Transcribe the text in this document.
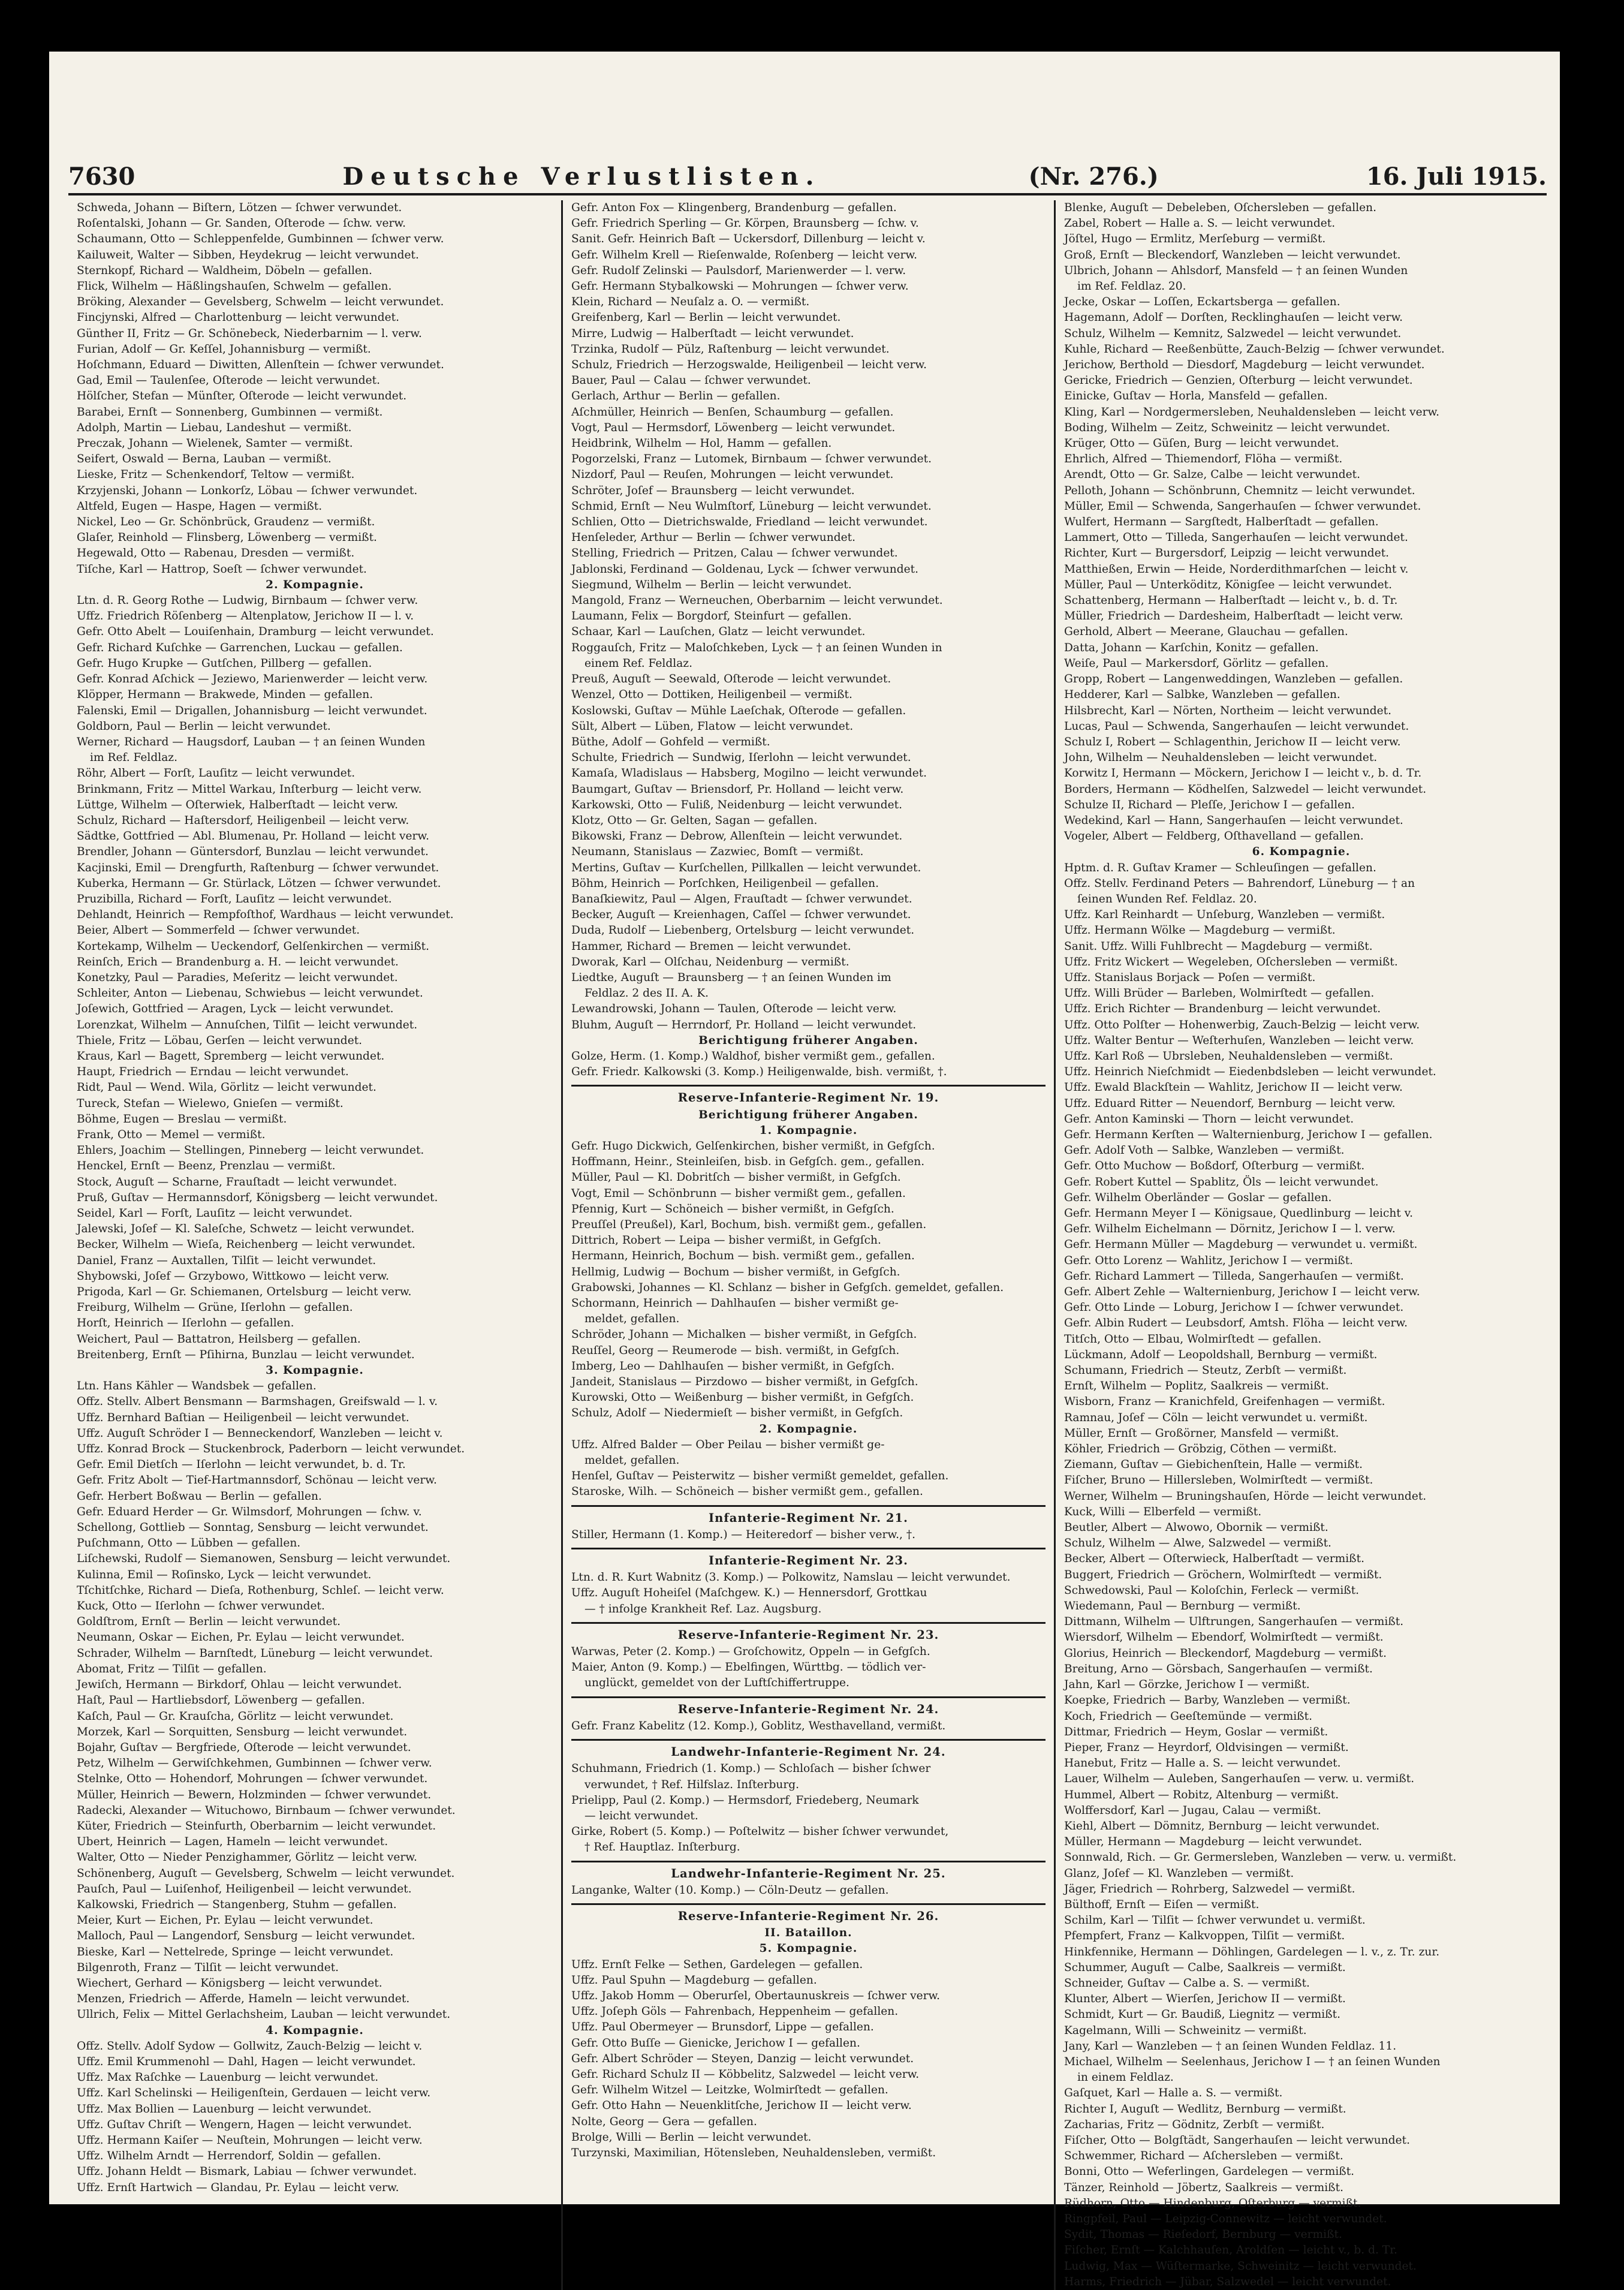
7630	Deutsche Verlustlisten.	(Nr. 276.)	16. Juli 1915.
Schweda, Johann — Biſtern, Lötzen — ſchwer verwundet.
Roſentalski, Johann — Gr. Sanden, Oſterode — ſchw. verw.
Schaumann, Otto — Schleppenfelde, Gumbinnen — ſchwer verw.
Kailuweit, Walter — Sibben, Heydekrug — leicht verwundet.
Sternkopf, Richard — Waldheim, Döbeln — gefallen.
Flick, Wilhelm — Häßlingshauſen, Schwelm — gefallen.
Bröking, Alexander — Gevelsberg, Schwelm — leicht verwundet.
Fincjynski, Alfred — Charlottenburg — leicht verwundet.
Günther II, Fritz — Gr. Schönebeck, Niederbarnim — l. verw.
Furian, Adolf — Gr. Keſſel, Johannisburg — vermißt.
Hoſchmann, Eduard — Diwitten, Allenſtein — ſchwer verwundet.
Gad, Emil — Taulenſee, Oſterode — leicht verwundet.
Hölſcher, Stefan — Münſter, Oſterode — leicht verwundet.
Barabei, Ernſt — Sonnenberg, Gumbinnen — vermißt.
Adolph, Martin — Liebau, Landeshut — vermißt.
Preczak, Johann — Wielenek, Samter — vermißt.
Seifert, Oswald — Berna, Lauban — vermißt.
Lieske, Fritz — Schenkendorf, Teltow — vermißt.
Krzyjenski, Johann — Lonkorſz, Löbau — ſchwer verwundet.
Altfeld, Eugen — Haspe, Hagen — vermißt.
Nickel, Leo — Gr. Schönbrück, Graudenz — vermißt.
Glaſer, Reinhold — Flinsberg, Löwenberg — vermißt.
Hegewald, Otto — Rabenau, Dresden — vermißt.
Tiſche, Karl — Hattrop, Soeſt — ſchwer verwundet.
2. Kompagnie.
Ltn. d. R. Georg Rothe — Ludwig, Birnbaum — ſchwer verw.
Uffz. Friedrich Röſenberg — Altenplatow, Jerichow II — l. v.
Gefr. Otto Abelt — Louiſenhain, Dramburg — leicht verwundet.
Gefr. Richard Kuſchke — Garrenchen, Luckau — gefallen.
Gefr. Hugo Krupke — Gutſchen, Pillberg — gefallen.
Gefr. Konrad Aſchick — Jeziewo, Marienwerder — leicht verw.
Klöpper, Hermann — Brakwede, Minden — gefallen.
Falenski, Emil — Drigallen, Johannisburg — leicht verwundet.
Goldborn, Paul — Berlin — leicht verwundet.
Werner, Richard — Haugsdorf, Lauban — † an ſeinen Wunden
im Ref. Feldlaz.
Röhr, Albert — Forſt, Lauſitz — leicht verwundet.
Brinkmann, Fritz — Mittel Warkau, Inſterburg — leicht verw.
Lüttge, Wilhelm — Oſterwiek, Halberſtadt — leicht verw.
Schulz, Richard — Haſtersdorf, Heiligenbeil — leicht verw.
Sädtke, Gottfried — Abl. Blumenau, Pr. Holland — leicht verw.
Brendler, Johann — Güntersdorf, Bunzlau — leicht verwundet.
Kacjinski, Emil — Drengfurth, Raſtenburg — ſchwer verwundet.
Kuberka, Hermann — Gr. Stürlack, Lötzen — ſchwer verwundet.
Pruzibilla, Richard — Forſt, Lauſitz — leicht verwundet.
Dehlandt, Heinrich — Rempfoſthof, Wardhaus — leicht verwundet.
Beier, Albert — Sommerfeld — ſchwer verwundet.
Kortekamp, Wilhelm — Ueckendorf, Gelſenkirchen — vermißt.
Reinſch, Erich — Brandenburg a. H. — leicht verwundet.
Konetzky, Paul — Paradies, Meſeritz — leicht verwundet.
Schleiter, Anton — Liebenau, Schwiebus — leicht verwundet.
Joſewich, Gottfried — Aragen, Lyck — leicht verwundet.
Lorenzkat, Wilhelm — Annuſchen, Tilſit — leicht verwundet.
Thiele, Fritz — Löbau, Gerſen — leicht verwundet.
Kraus, Karl — Bagett, Spremberg — leicht verwundet.
Haupt, Friedrich — Erndau — leicht verwundet.
Ridt, Paul — Wend. Wila, Görlitz — leicht verwundet.
Tureck, Stefan — Wielewo, Gnieſen — vermißt.
Böhme, Eugen — Breslau — vermißt.
Frank, Otto — Memel — vermißt.
Ehlers, Joachim — Stellingen, Pinneberg — leicht verwundet.
Henckel, Ernſt — Beenz, Prenzlau — vermißt.
Stock, Auguſt — Scharne, Frauſtadt — leicht verwundet.
Pruß, Guſtav — Hermannsdorf, Königsberg — leicht verwundet.
Seidel, Karl — Forſt, Lauſitz — leicht verwundet.
Jalewski, Joſef — Kl. Saleſche, Schwetz — leicht verwundet.
Becker, Wilhelm — Wieſa, Reichenberg — leicht verwundet.
Daniel, Franz — Auxtallen, Tilſit — leicht verwundet.
Shybowski, Joſef — Grzybowo, Wittkowo — leicht verw.
Prigoda, Karl — Gr. Schiemanen, Ortelsburg — leicht verw.
Freiburg, Wilhelm — Grüne, Iſerlohn — gefallen.
Horſt, Heinrich — Iſerlohn — gefallen.
Weichert, Paul — Battatron, Heilsberg — gefallen.
Breitenberg, Ernſt — Pſihirna, Bunzlau — leicht verwundet.
3. Kompagnie.
Ltn. Hans Kähler — Wandsbek — gefallen.
Offz. Stellv. Albert Bensmann — Barmshagen, Greifswald — l. v.
Uffz. Bernhard Baſtian — Heiligenbeil — leicht verwundet.
Uffz. Auguſt Schröder I — Benneckendorf, Wanzleben — leicht v.
Uffz. Konrad Brock — Stuckenbrock, Paderborn — leicht verwundet.
Gefr. Emil Dietſch — Iſerlohn — leicht verwundet, b. d. Tr.
Gefr. Fritz Abolt — Tief-Hartmannsdorf, Schönau — leicht verw.
Gefr. Herbert Boßwau — Berlin — gefallen.
Gefr. Eduard Herder — Gr. Wilmsdorf, Mohrungen — ſchw. v.
Schellong, Gottlieb — Sonntag, Sensburg — leicht verwundet.
Puſchmann, Otto — Lübben — gefallen.
Liſchewski, Rudolf — Siemanowen, Sensburg — leicht verwundet.
Kulinna, Emil — Roſinsko, Lyck — leicht verwundet.
Tſchitſchke, Richard — Dieſa, Rothenburg, Schleſ. — leicht verw.
Kuck, Otto — Iſerlohn — ſchwer verwundet.
Goldſtrom, Ernſt — Berlin — leicht verwundet.
Neumann, Oskar — Eichen, Pr. Eylau — leicht verwundet.
Schrader, Wilhelm — Barnſtedt, Lüneburg — leicht verwundet.
Abomat, Fritz — Tilſit — gefallen.
Jewiſch, Hermann — Birkdorf, Ohlau — leicht verwundet.
Haſt, Paul — Hartliebsdorf, Löwenberg — gefallen.
Kaſch, Paul — Gr. Krauſcha, Görlitz — leicht verwundet.
Morzek, Karl — Sorquitten, Sensburg — leicht verwundet.
Bojahr, Guſtav — Bergfriede, Oſterode — leicht verwundet.
Petz, Wilhelm — Gerwiſchkehmen, Gumbinnen — ſchwer verw.
Stelnke, Otto — Hohendorf, Mohrungen — ſchwer verwundet.
Müller, Heinrich — Bewern, Holzminden — ſchwer verwundet.
Radecki, Alexander — Wituchowo, Birnbaum — ſchwer verwundet.
Küter, Friedrich — Steinfurth, Oberbarnim — leicht verwundet.
Ubert, Heinrich — Lagen, Hameln — leicht verwundet.
Walter, Otto — Nieder Penzighammer, Görlitz — leicht verw.
Schönenberg, Auguſt — Gevelsberg, Schwelm — leicht verwundet.
Pauſch, Paul — Luiſenhof, Heiligenbeil — leicht verwundet.
Kalkowski, Friedrich — Stangenberg, Stuhm — gefallen.
Meier, Kurt — Eichen, Pr. Eylau — leicht verwundet.
Malloch, Paul — Langendorf, Sensburg — leicht verwundet.
Bieske, Karl — Nettelrede, Springe — leicht verwundet.
Bilgenroth, Franz — Tilſit — leicht verwundet.
Wiechert, Gerhard — Königsberg — leicht verwundet.
Menzen, Friedrich — Afferde, Hameln — leicht verwundet.
Ullrich, Felix — Mittel Gerlachsheim, Lauban — leicht verwundet.
4. Kompagnie.
Offz. Stellv. Adolf Sydow — Gollwitz, Zauch-Belzig — leicht v.
Uffz. Emil Krummenohl — Dahl, Hagen — leicht verwundet.
Uffz. Max Raſchke — Lauenburg — leicht verwundet.
Uffz. Karl Schelinski — Heiligenſtein, Gerdauen — leicht verw.
Uffz. Max Bollien — Lauenburg — leicht verwundet.
Uffz. Guſtav Chriſt — Wengern, Hagen — leicht verwundet.
Uffz. Hermann Kaiſer — Neuſtein, Mohrungen — leicht verw.
Uffz. Wilhelm Arndt — Herrendorf, Soldin — gefallen.
Uffz. Johann Heldt — Bismark, Labiau — ſchwer verwundet.
Uffz. Ernſt Hartwich — Glandau, Pr. Eylau — leicht verw.
Gefr. Anton Fox — Klingenberg, Brandenburg — gefallen.
Gefr. Friedrich Sperling — Gr. Körpen, Braunsberg — ſchw. v.
Sanit. Gefr. Heinrich Baſt — Uckersdorf, Dillenburg — leicht v.
Gefr. Wilhelm Krell — Rieſenwalde, Roſenberg — leicht verw.
Gefr. Rudolf Zelinski — Paulsdorf, Marienwerder — l. verw.
Gefr. Hermann Stybalkowski — Mohrungen — ſchwer verw.
Klein, Richard — Neuſalz a. O. — vermißt.
Greifenberg, Karl — Berlin — leicht verwundet.
Mirre, Ludwig — Halberſtadt — leicht verwundet.
Trzinka, Rudolf — Pülz, Raſtenburg — leicht verwundet.
Schulz, Friedrich — Herzogswalde, Heiligenbeil — leicht verw.
Bauer, Paul — Calau — ſchwer verwundet.
Gerlach, Arthur — Berlin — gefallen.
Aſchmüller, Heinrich — Benſen, Schaumburg — gefallen.
Vogt, Paul — Hermsdorf, Löwenberg — leicht verwundet.
Heidbrink, Wilhelm — Hol, Hamm — gefallen.
Pogorzelski, Franz — Lutomek, Birnbaum — ſchwer verwundet.
Nizdorf, Paul — Reuſen, Mohrungen — leicht verwundet.
Schröter, Joſef — Braunsberg — leicht verwundet.
Schmid, Ernſt — Neu Wulmſtorf, Lüneburg — leicht verwundet.
Schlien, Otto — Dietrichswalde, Friedland — leicht verwundet.
Henſeleder, Arthur — Berlin — ſchwer verwundet.
Stelling, Friedrich — Pritzen, Calau — ſchwer verwundet.
Jablonski, Ferdinand — Goldenau, Lyck — ſchwer verwundet.
Siegmund, Wilhelm — Berlin — leicht verwundet.
Mangold, Franz — Werneuchen, Oberbarnim — leicht verwundet.
Laumann, Felix — Borgdorf, Steinfurt — gefallen.
Schaar, Karl — Lauſchen, Glatz — leicht verwundet.
Roggauſch, Fritz — Maloſchkeben, Lyck — † an ſeinen Wunden in
einem Ref. Feldlaz.
Preuß, Auguſt — Seewald, Oſterode — leicht verwundet.
Wenzel, Otto — Dottiken, Heiligenbeil — vermißt.
Koslowski, Guſtav — Mühle Laeſchak, Oſterode — gefallen.
Sült, Albert — Lüben, Flatow — leicht verwundet.
Büthe, Adolf — Gohfeld — vermißt.
Schulte, Friedrich — Sundwig, Iſerlohn — leicht verwundet.
Kamaſa, Wladislaus — Habsberg, Mogilno — leicht verwundet.
Baumgart, Guſtav — Briensdorf, Pr. Holland — leicht verw.
Karkowski, Otto — Fuliß, Neidenburg — leicht verwundet.
Klotz, Otto — Gr. Gelten, Sagan — gefallen.
Bikowski, Franz — Debrow, Allenſtein — leicht verwundet.
Neumann, Stanislaus — Zazwiec, Bomſt — vermißt.
Mertins, Guſtav — Kurſchellen, Pillkallen — leicht verwundet.
Böhm, Heinrich — Porſchken, Heiligenbeil — gefallen.
Banaſkiewitz, Paul — Algen, Frauſtadt — ſchwer verwundet.
Becker, Auguſt — Kreienhagen, Caſſel — ſchwer verwundet.
Duda, Rudolf — Liebenberg, Ortelsburg — leicht verwundet.
Hammer, Richard — Bremen — leicht verwundet.
Dworak, Karl — Olſchau, Neidenburg — vermißt.
Liedtke, Auguſt — Braunsberg — † an ſeinen Wunden im
Feldlaz. 2 des II. A. K.
Lewandrowski, Johann — Taulen, Oſterode — leicht verw.
Bluhm, Auguſt — Herrndorf, Pr. Holland — leicht verwundet.
Berichtigung früherer Angaben.
Golze, Herm. (1. Komp.) Waldhof, bisher vermißt gem., gefallen.
Gefr. Friedr. Kalkowski (3. Komp.) Heiligenwalde, bish. vermißt, †.
Reserve-Infanterie-Regiment Nr. 19.
Berichtigung früherer Angaben.
1. Kompagnie.
Gefr. Hugo Dickwich, Gelſenkirchen, bisher vermißt, in Gefgſch.
Hoffmann, Heinr., Steinleiſen, bisb. in Gefgſch. gem., gefallen.
Müller, Paul — Kl. Dobritſch — bisher vermißt, in Gefgſch.
Vogt, Emil — Schönbrunn — bisher vermißt gem., gefallen.
Pfennig, Kurt — Schöneich — bisher vermißt, in Gefgſch.
Preuſſel (Preußel), Karl, Bochum, bish. vermißt gem., gefallen.
Dittrich, Robert — Leipa — bisher vermißt, in Gefgſch.
Hermann, Heinrich, Bochum — bish. vermißt gem., gefallen.
Hellmig, Ludwig — Bochum — bisher vermißt, in Gefgſch.
Grabowski, Johannes — Kl. Schlanz — bisher in Gefgſch. gemeldet, gefallen.
Schormann, Heinrich — Dahlhauſen — bisher vermißt ge-
meldet, gefallen.
Schröder, Johann — Michalken — bisher vermißt, in Gefgſch.
Reuſſel, Georg — Reumerode — bish. vermißt, in Gefgſch.
Imberg, Leo — Dahlhauſen — bisher vermißt, in Gefgſch.
Jandeit, Stanislaus — Pirzdowo — bisher vermißt, in Gefgſch.
Kurowski, Otto — Weißenburg — bisher vermißt, in Gefgſch.
Schulz, Adolf — Niedermieſt — bisher vermißt, in Gefgſch.
2. Kompagnie.
Uffz. Alfred Balder — Ober Peilau — bisher vermißt ge-
meldet, gefallen.
Henſel, Guſtav — Peisterwitz — bisher vermißt gemeldet, gefallen.
Staroske, Wilh. — Schöneich — bisher vermißt gem., gefallen.
Infanterie-Regiment Nr. 21.
Stiller, Hermann (1. Komp.) — Heiteredorf — bisher verw., †.
Infanterie-Regiment Nr. 23.
Ltn. d. R. Kurt Wabnitz (3. Komp.) — Polkowitz, Namslau — leicht verwundet.
Uffz. Auguſt Hoheiſel (Maſchgew. K.) — Hennersdorf, Grottkau
— † infolge Krankheit Ref. Laz. Augsburg.
Reserve-Infanterie-Regiment Nr. 23.
Warwas, Peter (2. Komp.) — Groſchowitz, Oppeln — in Gefgſch.
Maier, Anton (9. Komp.) — Ebelfingen, Württbg. — tödlich ver-
unglückt, gemeldet von der Luftſchiffertruppe.
Reserve-Infanterie-Regiment Nr. 24.
Gefr. Franz Kabelitz (12. Komp.), Goblitz, Westhavelland, vermißt.
Landwehr-Infanterie-Regiment Nr. 24.
Schuhmann, Friedrich (1. Komp.) — Schloſach — bisher ſchwer
verwundet, † Ref. Hilfslaz. Inſterburg.
Prielipp, Paul (2. Komp.) — Hermsdorf, Friedeberg, Neumark
— leicht verwundet.
Girke, Robert (5. Komp.) — Poſtelwitz — bisher ſchwer verwundet,
† Ref. Hauptlaz. Inſterburg.
Landwehr-Infanterie-Regiment Nr. 25.
Langanke, Walter (10. Komp.) — Cöln-Deutz — gefallen.
Reserve-Infanterie-Regiment Nr. 26.
II. Bataillon.
5. Kompagnie.
Uffz. Ernſt Felke — Sethen, Gardelegen — gefallen.
Uffz. Paul Spuhn — Magdeburg — gefallen.
Uffz. Jakob Homm — Oberurſel, Obertaunuskreis — ſchwer verw.
Uffz. Joſeph Göls — Fahrenbach, Heppenheim — gefallen.
Uffz. Paul Obermeyer — Brunsdorf, Lippe — gefallen.
Gefr. Otto Buſſe — Gienicke, Jerichow I — gefallen.
Gefr. Albert Schröder — Steyen, Danzig — leicht verwundet.
Gefr. Richard Schulz II — Köbbelitz, Salzwedel — leicht verw.
Gefr. Wilhelm Witzel — Leitzke, Wolmirſtedt — gefallen.
Gefr. Otto Hahn — Neuenklitſche, Jerichow II — leicht verw.
Nolte, Georg — Gera — gefallen.
Brolge, Willi — Berlin — leicht verwundet.
Turzynski, Maximilian, Hötensleben, Neuhaldensleben, vermißt.
Blenke, Auguſt — Debeleben, Oſchersleben — gefallen.
Zabel, Robert — Halle a. S. — leicht verwundet.
Jöſtel, Hugo — Ermlitz, Merſeburg — vermißt.
Groß, Ernſt — Bleckendorf, Wanzleben — leicht verwundet.
Ulbrich, Johann — Ahlsdorf, Mansfeld — † an ſeinen Wunden
im Ref. Feldlaz. 20.
Jecke, Oskar — Loſſen, Eckartsberga — gefallen.
Hagemann, Adolf — Dorſten, Recklinghauſen — leicht verw.
Schulz, Wilhelm — Kemnitz, Salzwedel — leicht verwundet.
Kuhle, Richard — Reeßenbütte, Zauch-Belzig — ſchwer verwundet.
Jerichow, Berthold — Diesdorf, Magdeburg — leicht verwundet.
Gericke, Friedrich — Genzien, Oſterburg — leicht verwundet.
Einicke, Guſtav — Horla, Mansfeld — gefallen.
Kling, Karl — Nordgermersleben, Neuhaldensleben — leicht verw.
Boding, Wilhelm — Zeitz, Schweinitz — leicht verwundet.
Krüger, Otto — Güſen, Burg — leicht verwundet.
Ehrlich, Alfred — Thiemendorf, Flöha — vermißt.
Arendt, Otto — Gr. Salze, Calbe — leicht verwundet.
Pelloth, Johann — Schönbrunn, Chemnitz — leicht verwundet.
Müller, Emil — Schwenda, Sangerhauſen — ſchwer verwundet.
Wulfert, Hermann — Sargſtedt, Halberſtadt — gefallen.
Lammert, Otto — Tilleda, Sangerhauſen — leicht verwundet.
Richter, Kurt — Burgersdorf, Leipzig — leicht verwundet.
Matthießen, Erwin — Heide, Norderdithmarſchen — leicht v.
Müller, Paul — Unterköditz, Königſee — leicht verwundet.
Schattenberg, Hermann — Halberſtadt — leicht v., b. d. Tr.
Müller, Friedrich — Dardesheim, Halberſtadt — leicht verw.
Gerhold, Albert — Meerane, Glauchau — gefallen.
Datta, Johann — Karſchin, Konitz — gefallen.
Weiſe, Paul — Markersdorf, Görlitz — gefallen.
Gropp, Robert — Langenweddingen, Wanzleben — gefallen.
Hedderer, Karl — Salbke, Wanzleben — gefallen.
Hilsbrecht, Karl — Nörten, Northeim — leicht verwundet.
Lucas, Paul — Schwenda, Sangerhauſen — leicht verwundet.
Schulz I, Robert — Schlagenthin, Jerichow II — leicht verw.
John, Wilhelm — Neuhaldensleben — leicht verwundet.
Korwitz I, Hermann — Möckern, Jerichow I — leicht v., b. d. Tr.
Borders, Hermann — Ködhelſen, Salzwedel — leicht verwundet.
Schulze II, Richard — Pleſſe, Jerichow I — gefallen.
Wedekind, Karl — Hann, Sangerhauſen — leicht verwundet.
Vogeler, Albert — Feldberg, Oſthavelland — gefallen.
6. Kompagnie.
Hptm. d. R. Guſtav Kramer — Schleuſingen — gefallen.
Offz. Stellv. Ferdinand Peters — Bahrendorf, Lüneburg — † an
ſeinen Wunden Ref. Feldlaz. 20.
Uffz. Karl Reinhardt — Unſeburg, Wanzleben — vermißt.
Uffz. Hermann Wölke — Magdeburg — vermißt.
Sanit. Uffz. Willi Fuhlbrecht — Magdeburg — vermißt.
Uffz. Fritz Wickert — Wegeleben, Oſchersleben — vermißt.
Uffz. Stanislaus Borjack — Poſen — vermißt.
Uffz. Willi Brüder — Barleben, Wolmirſtedt — gefallen.
Uffz. Erich Richter — Brandenburg — leicht verwundet.
Uffz. Otto Polſter — Hohenwerbig, Zauch-Belzig — leicht verw.
Uffz. Walter Bentur — Weſterhuſen, Wanzleben — leicht verw.
Uffz. Karl Roß — Ubrsleben, Neuhaldensleben — vermißt.
Uffz. Heinrich Nieſchmidt — Eiedenbdsleben — leicht verwundet.
Uffz. Ewald Blackſtein — Wahlitz, Jerichow II — leicht verw.
Uffz. Eduard Ritter — Neuendorf, Bernburg — leicht verw.
Gefr. Anton Kaminski — Thorn — leicht verwundet.
Gefr. Hermann Kerſten — Walternienburg, Jerichow I — gefallen.
Gefr. Adolf Voth — Salbke, Wanzleben — vermißt.
Gefr. Otto Muchow — Boßdorf, Oſterburg — vermißt.
Gefr. Robert Kuttel — Spablitz, Öls — leicht verwundet.
Gefr. Wilhelm Oberländer — Goslar — gefallen.
Gefr. Hermann Meyer I — Königsaue, Quedlinburg — leicht v.
Gefr. Wilhelm Eichelmann — Dörnitz, Jerichow I — l. verw.
Gefr. Hermann Müller — Magdeburg — verwundet u. vermißt.
Gefr. Otto Lorenz — Wahlitz, Jerichow I — vermißt.
Gefr. Richard Lammert — Tilleda, Sangerhauſen — vermißt.
Gefr. Albert Zehle — Walternienburg, Jerichow I — leicht verw.
Gefr. Otto Linde — Loburg, Jerichow I — ſchwer verwundet.
Gefr. Albin Rudert — Leubsdorf, Amtsh. Flöha — leicht verw.
Titſch, Otto — Elbau, Wolmirſtedt — gefallen.
Lückmann, Adolf — Leopoldshall, Bernburg — vermißt.
Schumann, Friedrich — Steutz, Zerbſt — vermißt.
Ernſt, Wilhelm — Poplitz, Saalkreis — vermißt.
Wisborn, Franz — Kranichfeld, Greifenhagen — vermißt.
Ramnau, Joſef — Cöln — leicht verwundet u. vermißt.
Müller, Ernſt — Großörner, Mansfeld — vermißt.
Köhler, Friedrich — Gröbzig, Cöthen — vermißt.
Ziemann, Guſtav — Giebichenſtein, Halle — vermißt.
Fiſcher, Bruno — Hillersleben, Wolmirſtedt — vermißt.
Werner, Wilhelm — Bruningshauſen, Hörde — leicht verwundet.
Kuck, Willi — Elberfeld — vermißt.
Beutler, Albert — Alwowo, Obornik — vermißt.
Schulz, Wilhelm — Alwe, Salzwedel — vermißt.
Becker, Albert — Oſterwieck, Halberſtadt — vermißt.
Buggert, Friedrich — Gröchern, Wolmirſtedt — vermißt.
Schwedowski, Paul — Koloſchin, Ferleck — vermißt.
Wiedemann, Paul — Bernburg — vermißt.
Dittmann, Wilhelm — Ulftrungen, Sangerhauſen — vermißt.
Wiersdorf, Wilhelm — Ebendorf, Wolmirſtedt — vermißt.
Glorius, Heinrich — Bleckendorf, Magdeburg — vermißt.
Breitung, Arno — Görsbach, Sangerhauſen — vermißt.
Jahn, Karl — Görzke, Jerichow I — vermißt.
Koepke, Friedrich — Barby, Wanzleben — vermißt.
Koch, Friedrich — Geeſtemünde — vermißt.
Dittmar, Friedrich — Heym, Goslar — vermißt.
Pieper, Franz — Heyrdorf, Oldvisingen — vermißt.
Hanebut, Fritz — Halle a. S. — leicht verwundet.
Lauer, Wilhelm — Auleben, Sangerhauſen — verw. u. vermißt.
Hummel, Albert — Robitz, Altenburg — vermißt.
Wolffersdorf, Karl — Jugau, Calau — vermißt.
Kiehl, Albert — Dömnitz, Bernburg — leicht verwundet.
Müller, Hermann — Magdeburg — leicht verwundet.
Sonnwald, Rich. — Gr. Germersleben, Wanzleben — verw. u. vermißt.
Glanz, Joſef — Kl. Wanzleben — vermißt.
Jäger, Friedrich — Rohrberg, Salzwedel — vermißt.
Bülthoff, Ernſt — Eiſen — vermißt.
Schilm, Karl — Tilſit — ſchwer verwundet u. vermißt.
Pfempfert, Franz — Kalkvoppen, Tilſit — vermißt.
Hinkfennike, Hermann — Döhlingen, Gardelegen — l. v., z. Tr. zur.
Schummer, Auguſt — Calbe, Saalkreis — vermißt.
Schneider, Guſtav — Calbe a. S. — vermißt.
Klunter, Albert — Wierſen, Jerichow II — vermißt.
Schmidt, Kurt — Gr. Baudiß, Liegnitz — vermißt.
Kagelmann, Willi — Schweinitz — vermißt.
Jany, Karl — Wanzleben — † an ſeinen Wunden Feldlaz. 11.
Michael, Wilhelm — Seelenhaus, Jerichow I — † an ſeinen Wunden
in einem Feldlaz.
Gaſquet, Karl — Halle a. S. — vermißt.
Richter I, Auguſt — Wedlitz, Bernburg — vermißt.
Zacharias, Fritz — Gödnitz, Zerbſt — vermißt.
Fiſcher, Otto — Bolgſtädt, Sangerhauſen — leicht verwundet.
Schwemmer, Richard — Aſchersleben — vermißt.
Bonni, Otto — Weferlingen, Gardelegen — vermißt.
Tänzer, Reinhold — Jöbertz, Saalkreis — vermißt.
Rüdhorn, Otto — Hindenburg, Oſterburg — vermißt.
Ringpfeil, Paul — Leipzig-Connewitz — leicht verwundet.
Sydit, Thomas — Rieſedorf, Bernburg — vermißt.
Fiſcher, Ernſt — Kalchhauſen, Aroldſen — leicht v., b. d. Tr.
Ludwig, Max — Wüſtermarke, Schweinitz — leicht verwundet.
Harms, Friedrich — Jübar, Salzwedel — leicht verwundet.
